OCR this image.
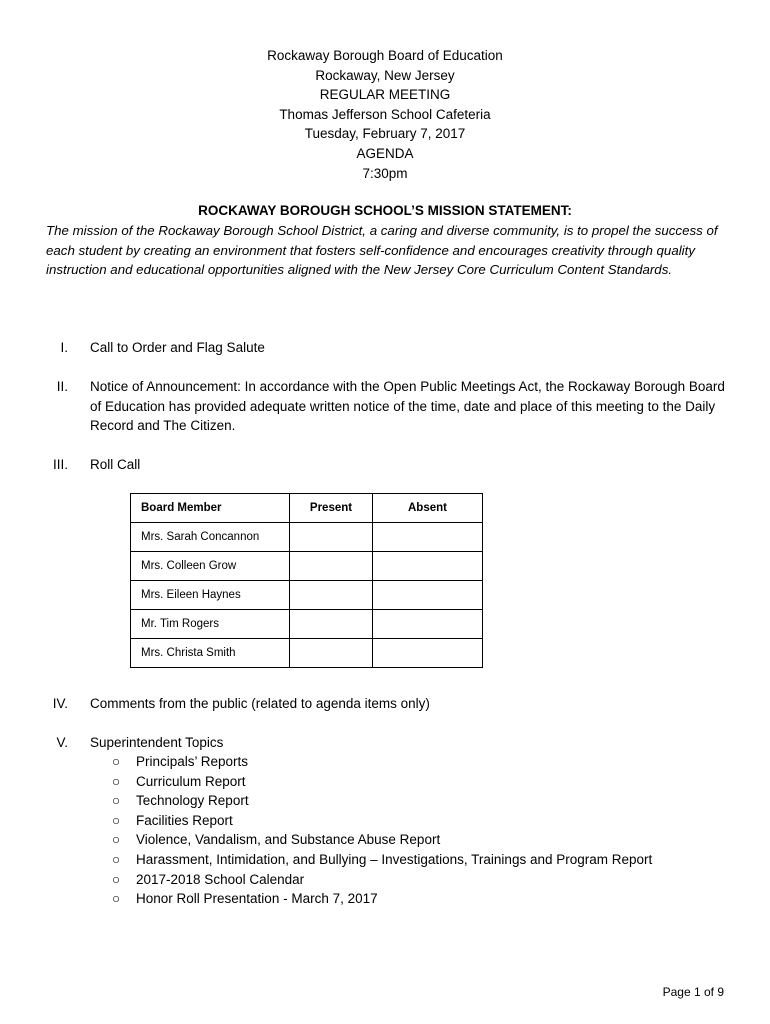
Rockaway Borough Board of Education
Rockaway, New Jersey
REGULAR MEETING
Thomas Jefferson School Cafeteria
Tuesday, February 7, 2017
AGENDA
7:30pm
ROCKAWAY BOROUGH SCHOOL’S MISSION STATEMENT:
The mission of the Rockaway Borough School District, a caring and diverse community, is to propel the success of each student by creating an environment that fosters self-confidence and encourages creativity through quality instruction and educational opportunities aligned with the New Jersey Core Curriculum Content Standards.
I. Call to Order and Flag Salute
II. Notice of Announcement: In accordance with the Open Public Meetings Act, the Rockaway Borough Board of Education has provided adequate written notice of the time, date and place of this meeting to the Daily Record and The Citizen.
III. Roll Call
Board Member	Present	Absent
Mrs. Sarah Concannon		
Mrs. Colleen Grow		
Mrs. Eileen Haynes		
Mr. Tim Rogers		
Mrs. Christa Smith		
IV. Comments from the public (related to agenda items only)
V. Superintendent Topics
○ Principals’ Reports
○ Curriculum Report
○ Technology Report
○ Facilities Report
○ Violence, Vandalism, and Substance Abuse Report
○ Harassment, Intimidation, and Bullying – Investigations, Trainings and Program Report
○ 2017-2018 School Calendar
○ Honor Roll Presentation - March 7, 2017
Page 1 of 9
